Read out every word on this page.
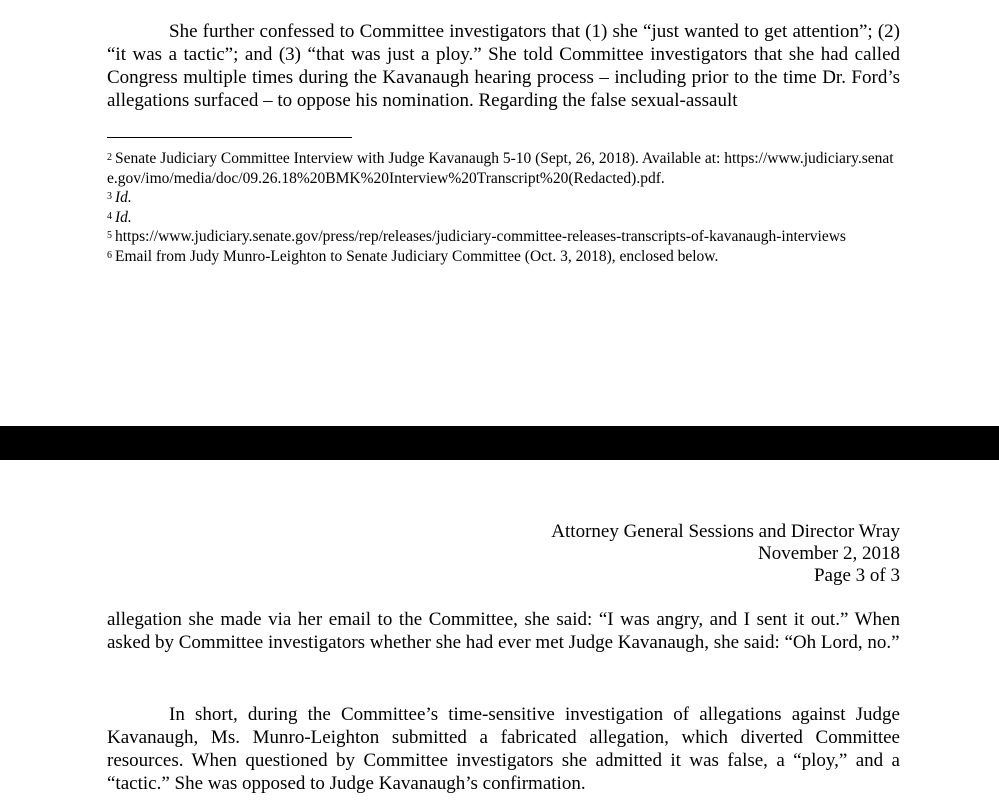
She further confessed to Committee investigators that (1) she “just wanted to get attention”; (2) “it was a tactic”; and (3) “that was just a ploy.” She told Committee investigators that she had called Congress multiple times during the Kavanaugh hearing process – including prior to the time Dr. Ford’s allegations surfaced – to oppose his nomination. Regarding the false sexual-assault

$^2$ Senate Judiciary Committee Interview with Judge Kavanaugh 5-10 (Sept, 26, 2018). Available at: https://www.judiciary.senate.gov/imo/media/doc/09.26.18%20BMK%20Interview%20Transcript%20(Redacted).pdf.

$^3$ Id.

$^4$ Id.

$^5$ https://www.judiciary.senate.gov/press/rep/releases/judiciary-committee-releases-transcripts-of-kavanaugh-interviews

$^6$ Email from Judy Munro-Leighton to Senate Judiciary Committee (Oct. 3, 2018), enclosed below.

Attorney General Sessions and Director Wray
November 2, 2018
Page 3 of 3

allegation she made via her email to the Committee, she said: “I was angry, and I sent it out.” When asked by Committee investigators whether she had ever met Judge Kavanaugh, she said: “Oh Lord, no.”

In short, during the Committee’s time-sensitive investigation of allegations against Judge Kavanaugh, Ms. Munro-Leighton submitted a fabricated allegation, which diverted Committee resources. When questioned by Committee investigators she admitted it was false, a “ploy,” and a “tactic.” She was opposed to Judge Kavanaugh’s confirmation.
